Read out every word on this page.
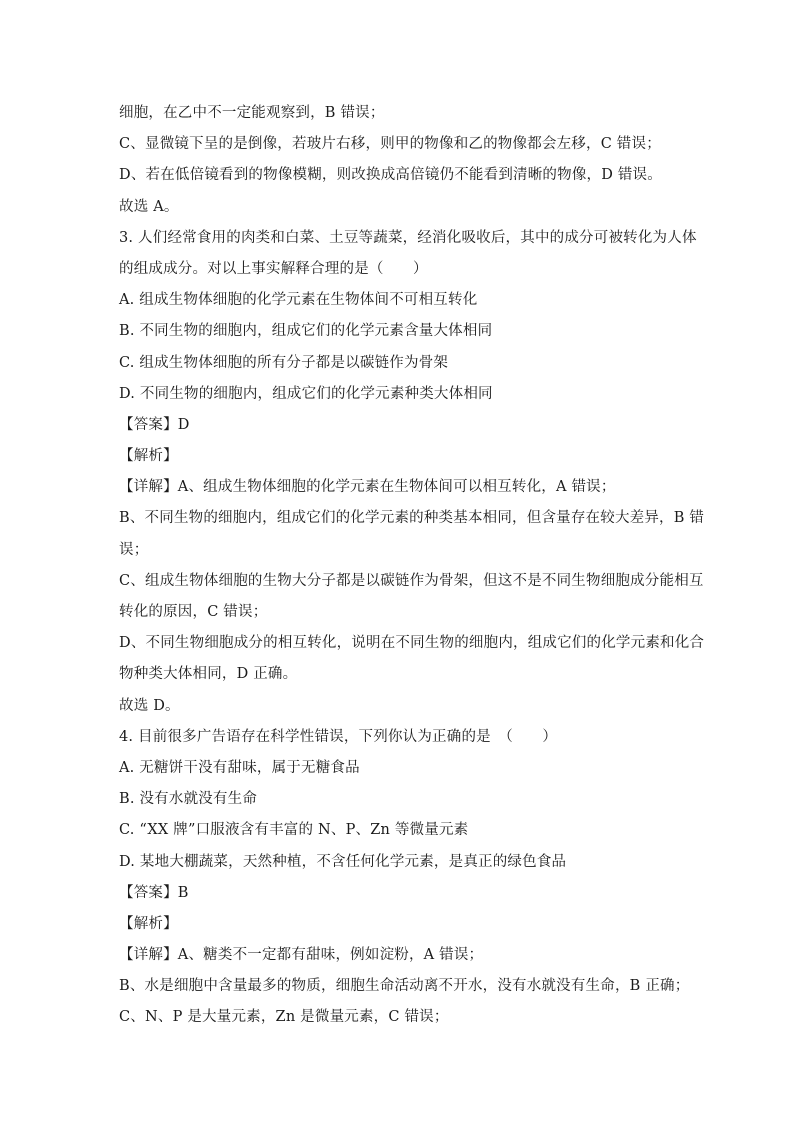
细胞，在乙中不一定能观察到，B 错误；
C、显微镜下呈的是倒像，若玻片右移，则甲的物像和乙的物像都会左移，C 错误；
D、若在低倍镜看到的物像模糊，则改换成高倍镜仍不能看到清晰的物像，D 错误。
故选 A。
3. 人们经常食用的肉类和白菜、土豆等蔬菜，经消化吸收后，其中的成分可被转化为人体
的组成成分。对以上事实解释合理的是（　　）
A. 组成生物体细胞的化学元素在生物体间不可相互转化
B. 不同生物的细胞内，组成它们的化学元素含量大体相同
C. 组成生物体细胞的所有分子都是以碳链作为骨架
D. 不同生物的细胞内，组成它们的化学元素种类大体相同
【答案】D
【解析】
【详解】A、组成生物体细胞的化学元素在生物体间可以相互转化，A 错误；
B、不同生物的细胞内，组成它们的化学元素的种类基本相同，但含量存在较大差异，B 错
误；
C、组成生物体细胞的生物大分子都是以碳链作为骨架，但这不是不同生物细胞成分能相互
转化的原因，C 错误；
D、不同生物细胞成分的相互转化，说明在不同生物的细胞内，组成它们的化学元素和化合
物种类大体相同，D 正确。
故选 D。
4. 目前很多广告语存在科学性错误，下列你认为正确的是　（　　）
A. 无糖饼干没有甜味，属于无糖食品
B. 没有水就没有生命
C. “XX 牌”口服液含有丰富的 N、P、Zn 等微量元素
D. 某地大棚蔬菜，天然种植，不含任何化学元素，是真正的绿色食品
【答案】B
【解析】
【详解】A、糖类不一定都有甜味，例如淀粉，A 错误；
B、水是细胞中含量最多的物质，细胞生命活动离不开水，没有水就没有生命，B 正确；
C、N、P 是大量元素，Zn 是微量元素，C 错误；
